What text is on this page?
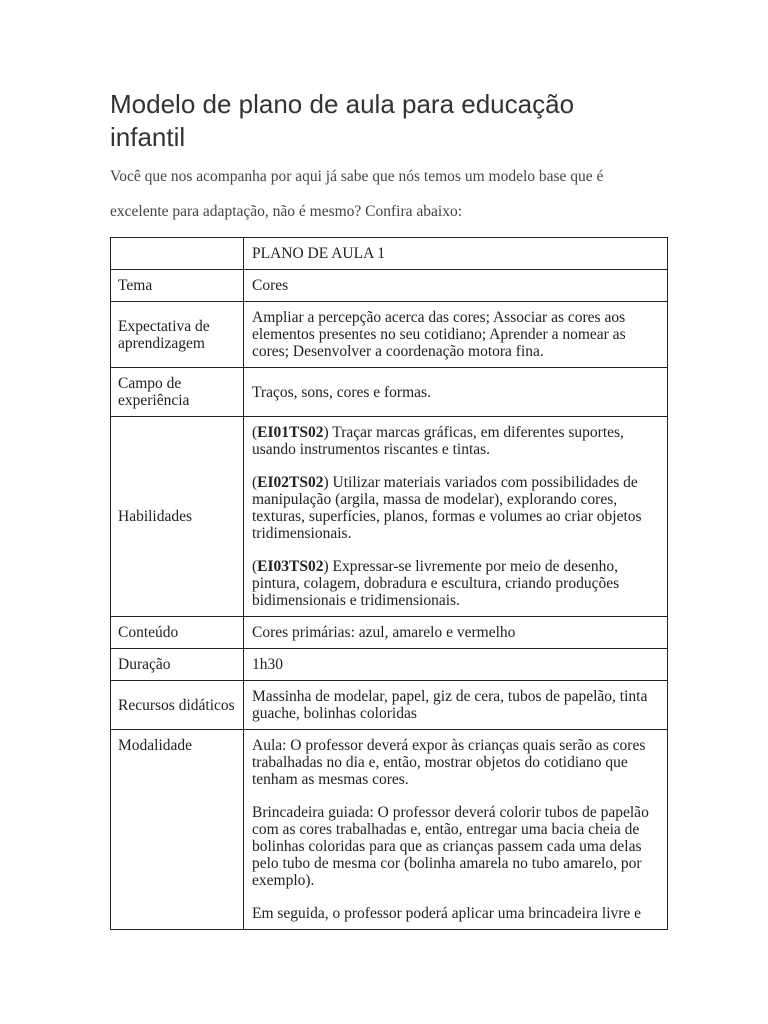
Modelo de plano de aula para educação infantil

Você que nos acompanha por aqui já sabe que nós temos um modelo base que é excelente para adaptação, não é mesmo? Confira abaixo:

	PLANO DE AULA 1
Tema	Cores
Expectativa de aprendizagem	Ampliar a percepção acerca das cores; Associar as cores aos elementos presentes no seu cotidiano; Aprender a nomear as cores; Desenvolver a coordenação motora fina.
Campo de experiência	Traços, sons, cores e formas.
Habilidades	(EI01TS02) Traçar marcas gráficas, em diferentes suportes, usando instrumentos riscantes e tintas.

(EI02TS02) Utilizar materiais variados com possibilidades de manipulação (argila, massa de modelar), explorando cores, texturas, superfícies, planos, formas e volumes ao criar objetos tridimensionais.

(EI03TS02) Expressar-se livremente por meio de desenho, pintura, colagem, dobradura e escultura, criando produções bidimensionais e tridimensionais.

Conteúdo	Cores primárias: azul, amarelo e vermelho
Duração	1h30
Recursos didáticos	Massinha de modelar, papel, giz de cera, tubos de papelão, tinta guache, bolinhas coloridas
Modalidade	Aula: O professor deverá expor às crianças quais serão as cores trabalhadas no dia e, então, mostrar objetos do cotidiano que tenham as mesmas cores.

Brincadeira guiada: O professor deverá colorir tubos de papelão com as cores trabalhadas e, então, entregar uma bacia cheia de bolinhas coloridas para que as crianças passem cada uma delas pelo tubo de mesma cor (bolinha amarela no tubo amarelo, por exemplo).

Em seguida, o professor poderá aplicar uma brincadeira livre e
